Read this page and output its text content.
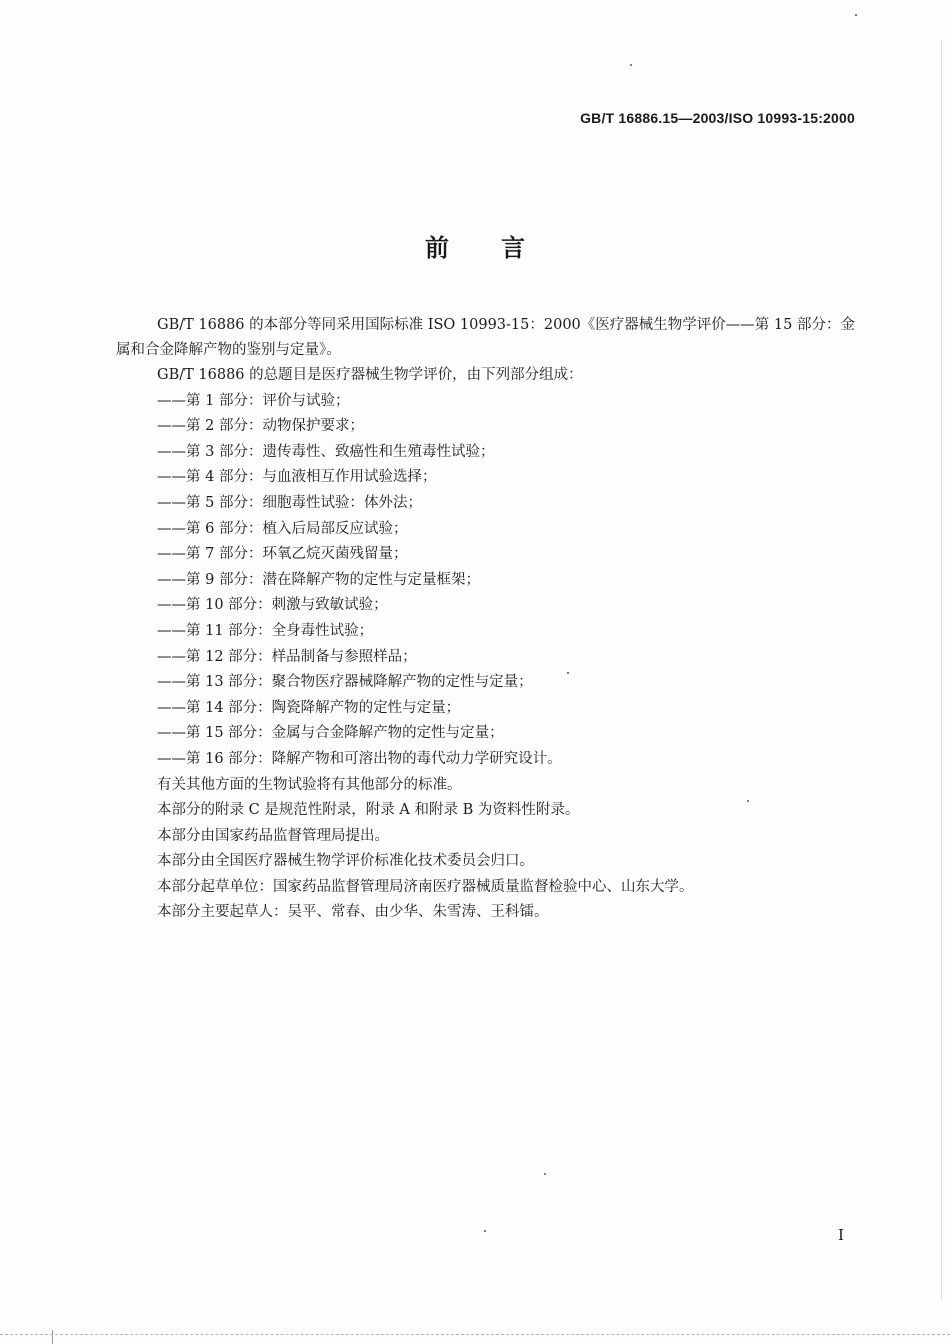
GB/T 16886.15—2003/ISO 10993-15:2000
前言

GB/T 16886 的本部分等同采用国际标准 ISO 10993-15：2000《医疗器械生物学评价——第 15 部分：金属和合金降解产物的鉴别与定量》。

GB/T 16886 的总题目是医疗器械生物学评价，由下列部分组成：

——第 1 部分：评价与试验；

——第 2 部分：动物保护要求；

——第 3 部分：遗传毒性、致癌性和生殖毒性试验；

——第 4 部分：与血液相互作用试验选择；

——第 5 部分：细胞毒性试验：体外法；

——第 6 部分：植入后局部反应试验；

——第 7 部分：环氧乙烷灭菌残留量；

——第 9 部分：潜在降解产物的定性与定量框架；

——第 10 部分：刺激与致敏试验；

——第 11 部分：全身毒性试验；

——第 12 部分：样品制备与参照样品；

——第 13 部分：聚合物医疗器械降解产物的定性与定量；

——第 14 部分：陶瓷降解产物的定性与定量；

——第 15 部分：金属与合金降解产物的定性与定量；

——第 16 部分：降解产物和可溶出物的毒代动力学研究设计。

有关其他方面的生物试验将有其他部分的标准。

本部分的附录 C 是规范性附录，附录 A 和附录 B 为资料性附录。

本部分由国家药品监督管理局提出。

本部分由全国医疗器械生物学评价标准化技术委员会归口。

本部分起草单位：国家药品监督管理局济南医疗器械质量监督检验中心、山东大学。

本部分主要起草人：吴平、常春、由少华、朱雪涛、王科镭。

I
